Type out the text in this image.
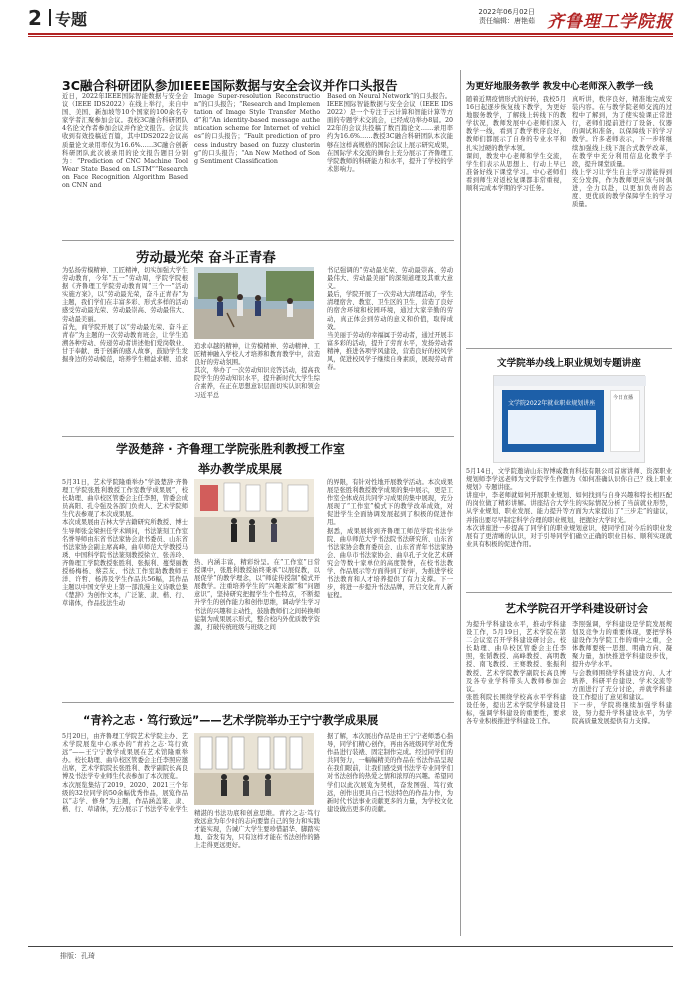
2 专题	2022年06月02日
责任编辑：唐艳茹 齐鲁理工学院报
3C融合科研团队参加IEEE国际数据与安全会议并作口头报告
近日，2022年IEEE国际智能数据与安全会议（IEEE IDS2022）在线上举行，来自中国、美国、新加坡等10个国家的100余名专家学者汇聚参加会议。我校3C融合科研团队4名论文作者参加会议并作论文报告。会议共收到有效投稿近百篇，其中IDS2022会议高质量论文录用率仅为16.6%……3C融合创新科研团队此次被录用的论文报告题目分别为：“Prediction of CNC Machine Tool Wear State Based on LSTM”“Research on Face Recognition Algorithm Based on CNN and
Image Super-resolution Reconstruction”的口头报告；“Research and Implementation of Image Style Transfer Method”和“An identity-based message authentication scheme for Internet of vehicles”的口头报告；“Fault prediction of process industry based on fuzzy clustering”的口头报告；“An New Method of Song Sentiment Classification
Based on Neural Network”的口头报告。
IEEE国际智能数据与安全会议（IEEE IDS 2022）是一个专注于云计算和智能计算等方面的专题学术交流会，已经成功举办8届。2022年的会议共投稿了数百篇论文……录用率约为16.6%……教授3C融合科研团队本次能够在这样高规格的国际会议上展示研究成果，在国际学术交流的舞台上充分展示了齐鲁理工学院教师的科研能力和水平，提升了学校的学术影响力。
劳动最光荣 奋斗正青春
为弘扬劳模精神、工匠精神，切实加强大学生劳动教育，今年“五一”劳动周，学院学院根据《齐鲁理工学院劳动教育周“三个一”活动实施方案》，以“劳动最光荣，奋斗正青春”为主题，我们学们在丰富多彩、形式多样的活动感受劳动最光荣、劳动最崇高、劳动最伟大、劳动最美丽。
首先，商学院开展了以“劳动最光荣、奋斗正青春”为主题的一次劳动教育班会，让学生追溯各种劳动、传递劳动者讲述他们爱岗敬业、甘于奉献、勇于创新的感人故事，鼓励学生发掘身边的劳动模范，培养学生精益求精、追求
追求卓越的精神，让劳模精神、劳动精神、工匠精神融入学校人才培养和教育教学中，营造良好的劳动氛围。
其次，举办了一次劳动知识竞答活动，提高我院学生的劳动知识水平，提升新时代大学生综合素养，在正在思想意识层面切实认识和领会习近平总
书记强调的“劳动最光荣、劳动最崇高、劳动最伟大、劳动最美丽”的深刻道理及其重大意义。
最后，学院开展了一次劳动大清理活动，学生清理宿舍、教室、卫生区的卫生，营造了良好的宿舍环境和校园环境，通过大家辛勤的劳动，真正体会到劳动的意义和价值，取得成效。
当美丽于劳动的幸福属于劳动者，通过开展丰富多彩的活动，提升了劳育水平，发扬劳动者精神，推进各项学风建设，营造良好的校风学风，促进校风学子继续自身素质，展现劳动青春。
学汲楚辞 · 齐鲁理工学院张胜利教授工作室
举办教学成果展
5月31日，艺术学院隆重举办“学汲楚辞·齐鲁理工学院张胜利教授工作室教学成果展”，校长助理、曲阜校区管委会主任李照，管委会成员高阳、孔令强及各部门负责人、艺术学院师生代表参观了本次成果展。
本次成果展由吉林大学古籍研究所教授、博士生导师张金梁担任学术顾问，书法篆刻工作室名誉导师由东省书法家协会隶书委员、山东省书法家协会副主席高峰，曲阜师范大学教授马琇、中国科学院书法篆刻教授徐立、张善玲、齐鲁理工学院教授张胜利、张振利、蔓梨丽教授杨梅杨、蔡芸友、书法工作室助教教师王洋、许哲、杨涛及学生作品共56幅，其作品主题以中国文学史上第一部浪漫主义诗歌总集《楚辞》为创作文本，广泛篆、隶、楷、行、草诸体，作品技法生动
热、内涵丰富，精彩纷呈。在“工作室”日常授课中，张胜利教授始终秉承“以展促教，以展促学”的教学理念，以“师徒传授制”模式开展教学。注重培养学生的“兴趣来源”和“问题意识”，坚持研究把握学生个性特点，不断提升学生的创作能力和创作思维，调动学生学习书法的兴趣和主动性，鼓励教师们之间转换师徒制为成果展示形式，整合校内外优质教学资源，打破传统班级与班级之间
的界限，有针对性地开展教学活动。本次成果展是张胜利教授教学成果的集中展示，更是工作室全体成员共同学习成果的集中展现，充分展现了“工作室”模式下的教学改革成效，对促进学生全面协调发展起到了积极的促进作用。
据悉，成果展将到齐鲁理工师范学院书法学院、曲阜师范大学书法院书法研究所、山东省书法家协会教育委员会、山东省青年书法家协会、曲阜市书法家协会、曲阜孔子文化艺术研究会等数十家单位的高度赞誉，在校书法教学、作品展示等方面得到了好评，为推进学校书法教育和人才培养提供了有力支撑。下一步，将进一步提升书法品牌，开启文化育人新征程。
“青衿之志 · 笃行致远”——艺术学院举办王宁宁教学成果展
5月20日，由齐鲁理工学院艺术学院主办、艺术学院展览中心承办的“青衿之志·笃行致远”——王宁宁教学成果展在艺术馆隆重举办。校长助理、曲阜校区管委会主任李照应邀出席，艺术学院院长张胜利、教学副院长高良博及书法学专业师生代表参加了本次展览。
本次展览集结了2019、2020、2021三个年级的32位同学的50余幅优秀作品，展览作品以“志学、修身”为主题，作品涵盖篆、隶、楷、行、草诸体，充分展示了书法学专业学生
精湛的书法功底和创意思维。青衿之志·笃行致远意为年少时的志向要靠自己的努力和实践才能实现，告诫广大学生要珍惜韶华、脚踏实地、奋发有为，只有这样才能在书法创作的路上走得更远更好。
据了解，本次展出作品是由王宁宁老师悉心指导，同学们精心创作，再由各班级同学对优秀作品进行装裱、固定制作完成。经过同学们的共同努力，一幅幅精美的作品在书法作品呈现在我们眼前，让我们感受到书法学专业同学们对书法创作的热爱之情和浓厚的兴趣。希望同学们以此次展览为契机，奋发图强、笃行致远，创作出更具自己书法特色的作品力作，为新时代书法事业贡献更多的力量，为学校文化建设做出更多的贡献。
为更好地服务教学 教发中心老师深入教学一线
随着近期疫情形式的好转，我校5月16日起逐步恢复线下教学，为更好地服务教学，了解线上转线下的教学状况，教师发展中心老师们深入教学一线，看到了教学秩序良好，教师们都展示了自身的专业水平和扎实过硬的教学本领。
课间，教发中心老师和学生交流，学生们表示从思想上、行动上早已准备好线下课堂学习。中心老师们看到师生对返校复课都非常重视，顺利完成本学期的学习任务。
真听讲，秩序良好，精准地完成安装内容。在与教学院老师交流的过程中了解到，为了使实验课正常进行，老师们提前进行了设备、仪器的调试和准备，以保障线下的学习教学。许多老师表示，下一步将继续加强线上线下混合式教学改革，在教学中充分利用信息化教学手段，提升课堂质量。
线上学习让学生自主学习潜能得到充分发挥，作为教师更应该与时俱进，全力以赴，以更加负责的态度、更优质的教学保障学生的学习质量。
文学院举办线上职业规划专题讲座
文学院2022年就业职业规划讲座
今日直播
5月14日，文学院邀请山东智博威教育科技有限公司首席讲师、资深职业规划师李学远老师为文学院学生作题为《如何准确认识你自己？线上职业规划》专题讲座。
讲座中，李老师就如何开展职业规划、如何找到与自身兴趣和特长相匹配的岗位做了精彩讲解。讲座结合大学生的实际情况分析了当前就业形势，从学业规划、职业发展、能力提升等方面为大家提出了“三步走”的建议，并指出要尽早制定科学合理的职业规划，把握好大学时光。
本次讲座进一步提高了同学们的职业规划意识，使同学们对今后的职业发展有了更清晰的认识，对于引导同学们确立正确的职业目标、顺利实现就业具有积极的促进作用。
艺术学院召开学科建设研讨会
为提升学科建设水平，推动学科建设工作，5月19日，艺术学院在第二会议室召开学科建设研讨会。校长助理、曲阜校区管委会主任李照，张韬教授、高峰教授、高明教授、南飞教授、王赛教授、张振利教授、艺术学院教学副院长高良博及各专业学科带头人教师参加会议。
张胜利院长围绕学校高水平学科建设任务，提出艺术学院学科建设目标，强调学科建设的重要性，要求各专业积极推进学科建设工作。
李照强调，学科建设是学院发展规划及竞争力的重要体现，要把学科建设作为学院工作的重中之重，全体教师要统一思想、明确方向、凝聚力量，加快推进学科建设步伐，提升办学水平。
与会教师围绕学科建设方向、人才培养、科研平台建设、学术交流等方面进行了充分讨论，并就学科建设工作提出了意见和建议。
下一步，学院将继续加强学科建设，努力提升学科建设水平，为学院高质量发展提供有力支撑。
排版：孔琦
